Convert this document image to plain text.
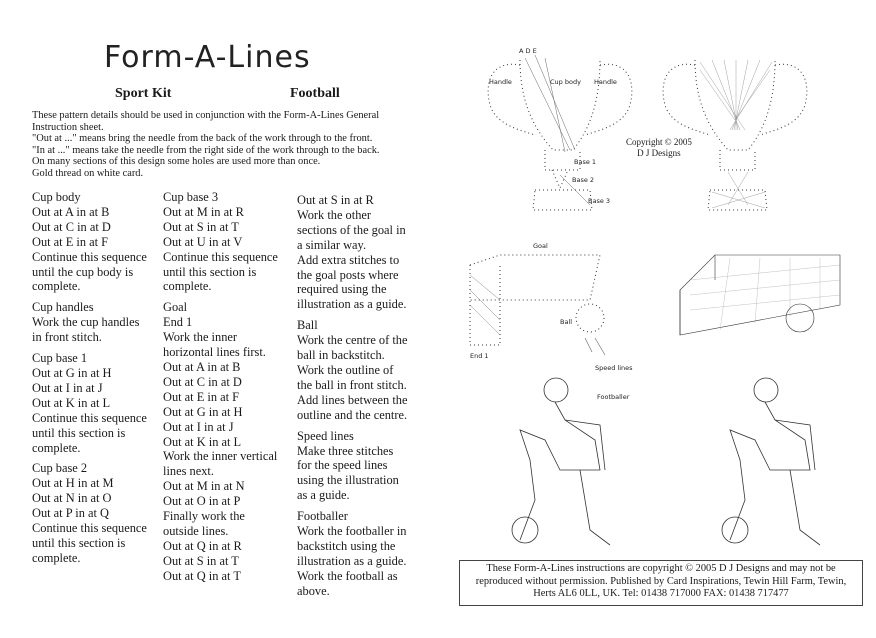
Form-A-Lines
Sport Kit	Football
These pattern details should be used in conjunction with the Form-A-Lines General
Instruction sheet.
"Out at ..." means bring the needle from the back of the work through to the front.
"In at ..." means take the needle from the right side of the work through to the back.
On many sections of this design some holes are used more than once.
Gold thread on white card.
Cup body
Out at A in at B
Out at C in at D
Out at E in at F
Continue this sequence
until the cup body is
complete.
Cup handles
Work the cup handles
in front stitch.
Cup base 1
Out at G in at H
Out at I in at J
Out at K in at L
Continue this sequence
until this section is
complete.
Cup base 2
Out at H in at M
Out at N in at O
Out at P in at Q
Continue this sequence
until this section is
complete.
Cup base 3
Out at M in at R
Out at S in at T
Out at U in at V
Continue this sequence
until this section is
complete.
Goal
End 1
Work the inner
horizontal lines first.
Out at A in at B
Out at C in at D
Out at E in at F
Out at G in at H
Out at I in at J
Out at K in at L
Work the inner vertical
lines next.
Out at M in at N
Out at O in at P
Finally work the
outside lines.
Out at Q in at R
Out at S in at T
Out at Q in at T
Out at S in at R
Work the other
sections of the goal in
a similar way.
Add extra stitches to
the goal posts where
required using the
illustration as a guide.
Ball
Work the centre of the
ball in backstitch.
Work the outline of
the ball in front stitch.
Add lines between the
outline and the centre.
Speed lines
Make three stitches
for the speed lines
using the illustration
as a guide.
Footballer
Work the footballer in
backstitch using the
illustration as a guide.
Work the football as
above.
Handle	Handle
Cup body
A D E
Base 1
Base 2
Base 3
Goal
Ball
Speed lines
Footballer
End 1
Copyright © 2005
D J Designs
These Form-A-Lines instructions are copyright © 2005 D J Designs and may not be
reproduced without permission. Published by Card Inspirations, Tewin Hill Farm, Tewin,
Herts AL6 0LL, UK. Tel: 01438 717000 FAX: 01438 717477
